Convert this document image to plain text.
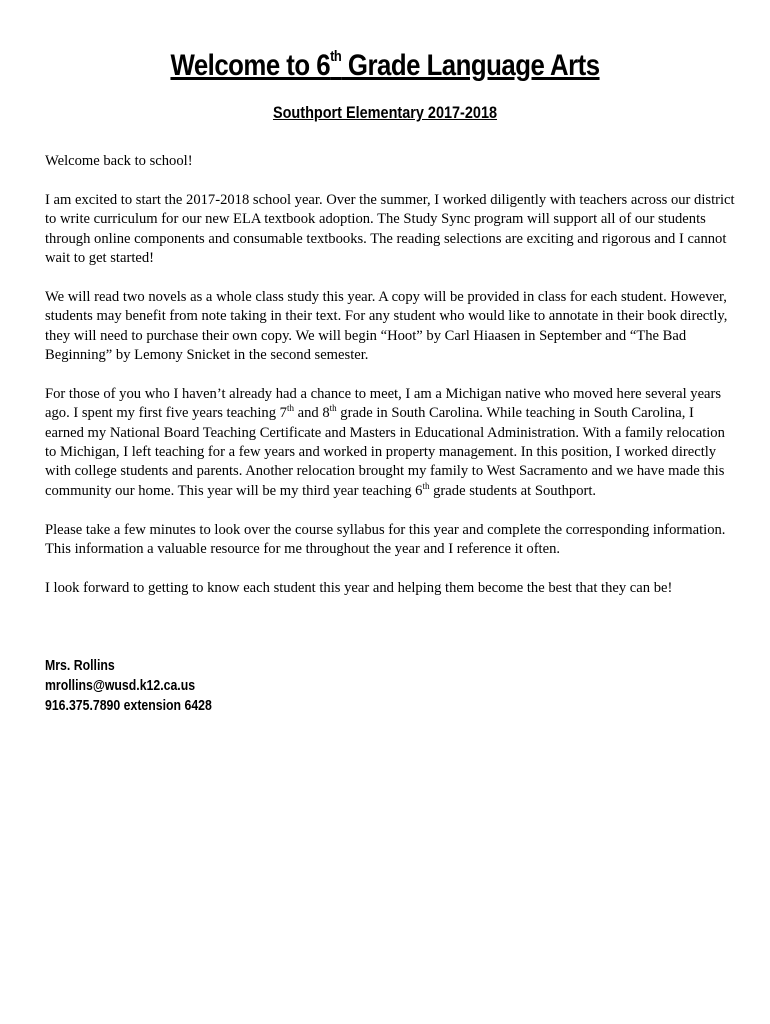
Welcome to 6th Grade Language Arts
Southport Elementary 2017-2018

Welcome back to school!

I am excited to start the 2017-2018 school year. Over the summer, I worked diligently with teachers across our district to write curriculum for our new ELA textbook adoption. The Study Sync program will support all of our students through online components and consumable textbooks. The reading selections are exciting and rigorous and I cannot wait to get started!

We will read two novels as a whole class study this year. A copy will be provided in class for each student. However, students may benefit from note taking in their text. For any student who would like to annotate in their book directly, they will need to purchase their own copy. We will begin “Hoot” by Carl Hiaasen in September and “The Bad Beginning” by Lemony Snicket in the second semester.

For those of you who I haven’t already had a chance to meet, I am a Michigan native who moved here several years ago. I spent my first five years teaching 7th and 8th grade in South Carolina. While teaching in South Carolina, I earned my National Board Teaching Certificate and Masters in Educational Administration. With a family relocation to Michigan, I left teaching for a few years and worked in property management. In this position, I worked directly with college students and parents. Another relocation brought my family to West Sacramento and we have made this community our home. This year will be my third year teaching 6th grade students at Southport.

Please take a few minutes to look over the course syllabus for this year and complete the corresponding information. This information a valuable resource for me throughout the year and I reference it often.

I look forward to getting to know each student this year and helping them become the best that they can be!

Mrs. Rollins
mrollins@wusd.k12.ca.us
916.375.7890 extension 6428
